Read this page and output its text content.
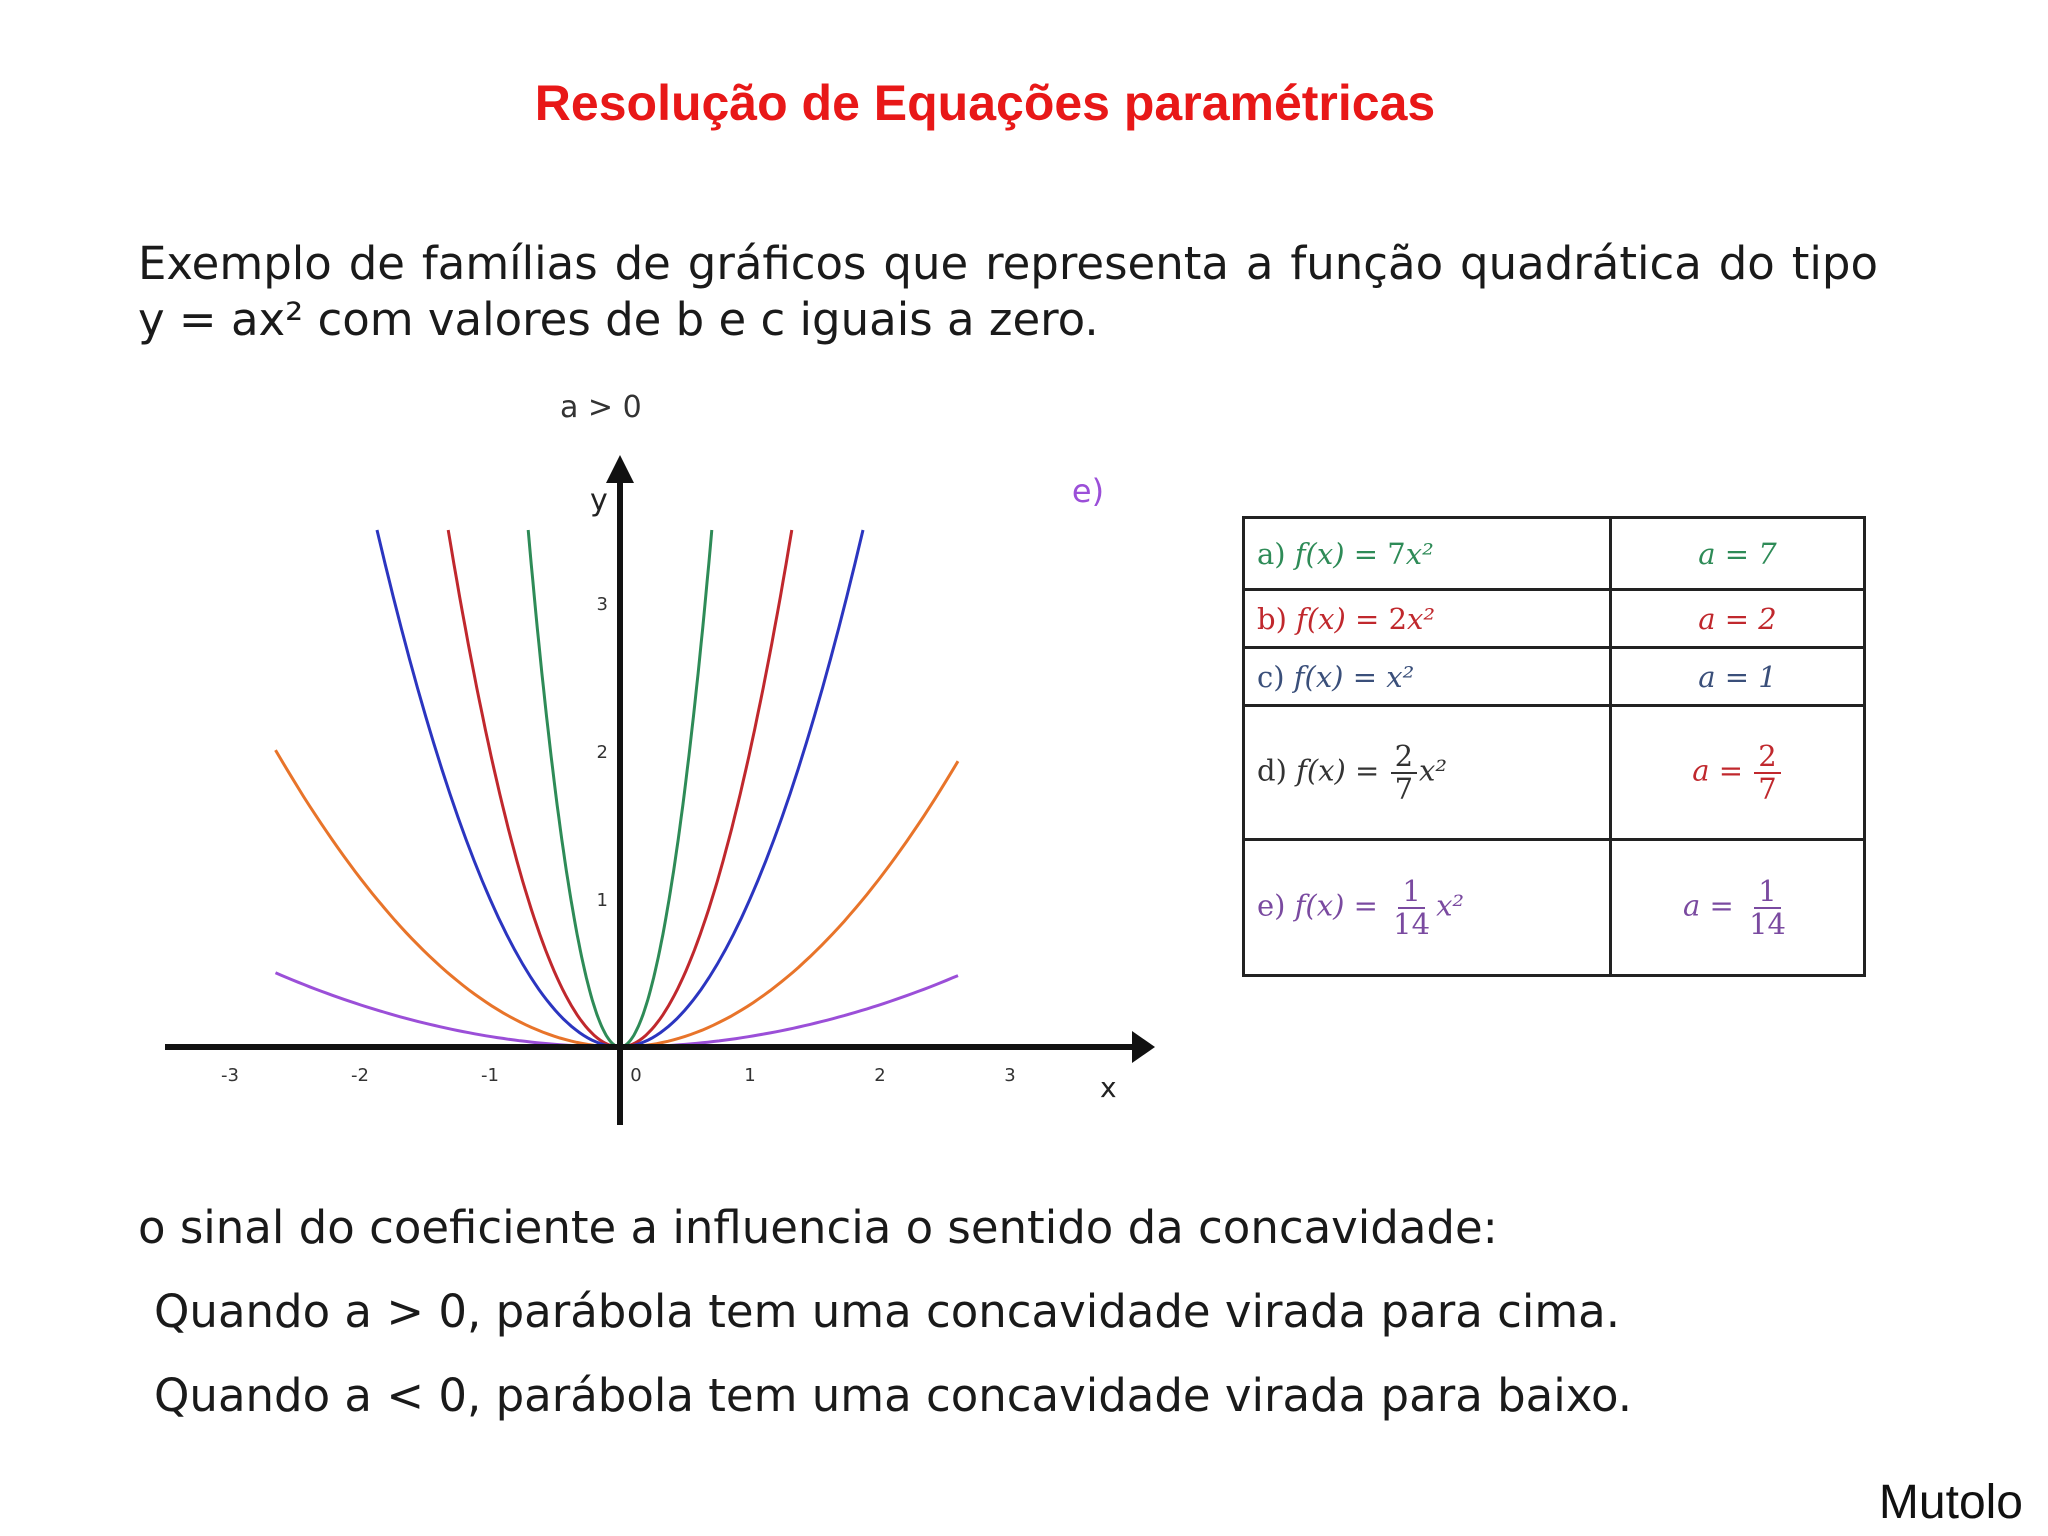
Resolução de Equações paramétricas

Exemplo de famílias de gráficos que representa a função quadrática do tipo y = ax² com valores de b e c iguais a zero.

a > 0
-3	-2	-1	0	1	2	3
1
2
3
e)
x
y
a) f(x) = 7x²	a = 7
b) f(x) = 2x²	a = 2
c) f(x) = x²	a = 1
d) $f(x) = \frac{2}{7} x^2$	$a = \frac{2}{7}$

e) $f(x) = \frac{1}{14} x^2$	$a = \frac{1}{14}$

o sinal do coeficiente a influencia o sentido da concavidade:

Quando a > 0, parábola tem uma concavidade virada para cima.

Quando a < 0, parábola tem uma concavidade virada para baixo.

Mutolo
